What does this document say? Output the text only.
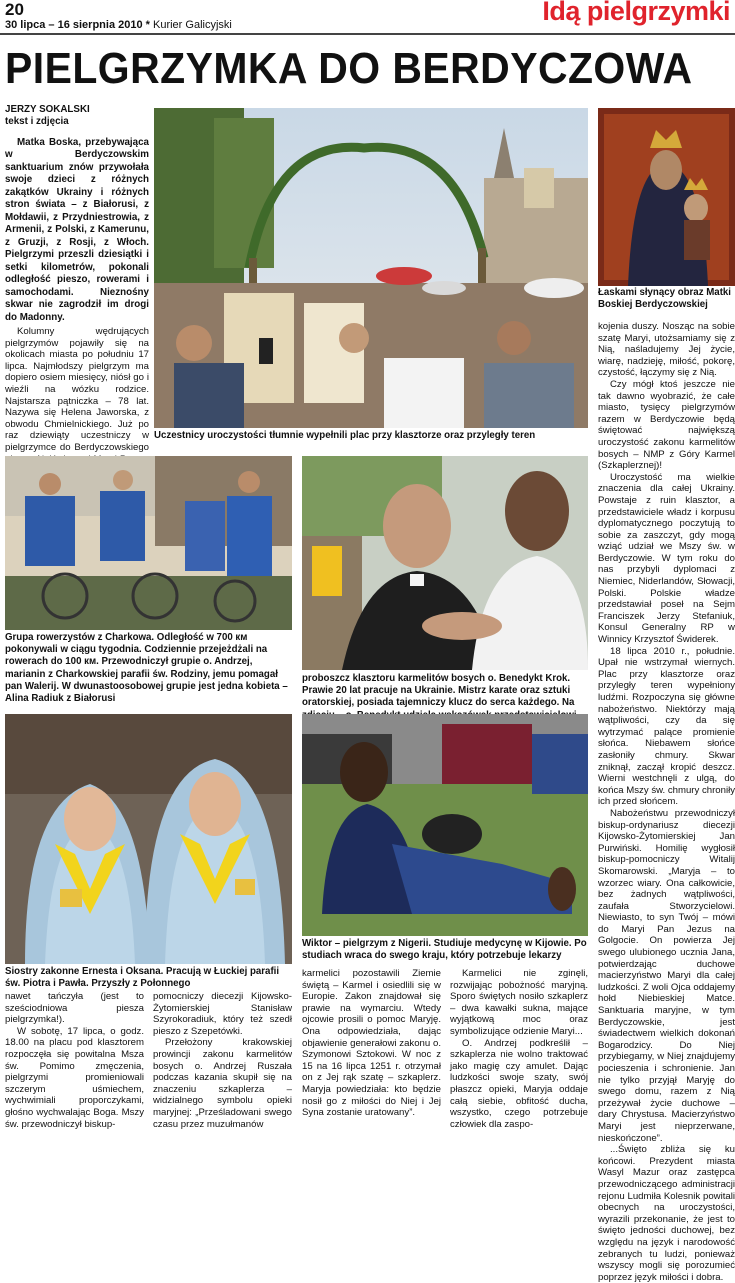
20
30 lipca – 16 sierpnia 2010 * Kurier Galicyjski	Idą pielgrzymki
PIELGRZYMKA DO BERDYCZOWA
JERZY SOKALSKI
tekst i zdjęcia

Matka Boska, przebywająca w Berdyczowskim sanktuarium znów przywołała swoje dzieci z różnych zakątków Ukrainy i różnych stron świata – z Białorusi, z Mołdawii, z Przydniestrowia, z Armenii, z Polski, z Kamerunu, z Gruzji, z Rosji, z Włoch. Pielgrzymi przeszli dziesiątki i setki kilometrów, pokonali odległość pieszo, rowerami i samochodami. Nieznośny skwar nie zagrodził im drogi do Madonny.

Kolumny wędrujących pielgrzymów pojawiły się na okolicach miasta po południu 17 lipca. Najmłodszy pielgrzym ma dopiero osiem miesięcy, niósł go i wieźli na wózku rodzice. Najstarsza pątniczka – 78 lat. Nazywa się Helena Jaworska, z obwodu Chmielnickiego. Już po raz dziewiąty uczestniczy w pielgrzymce do Berdyczowskiego

Uczestnicy uroczystości tłumnie wypełnili plac przy klasztorze oraz przyległy teren
Łaskami słynący obraz Matki Boskiej Berdyczowskiej

kojenia duszy. Nosząc na sobie szatę Maryi, utożsamiamy się z Nią, naśladujemy Jej życie, wiarę, nadzieję, miłość, pokorę, czystość, łączymy się z Nią.

Czy mógł ktoś jeszcze nie tak dawno wyobrazić, że całe miasto, tysięcy pielgrzymów razem w Berdyczowie będą świętować największą uroczystość zakonu karmelitów bosych – NMP z Góry Karmel (Szkaplerznej)!

Uroczystość ma wielkie znaczenia dla całej Ukrainy. Powstaje z ruin klasztor, a przedstawiciele władz i korpusu dyplomatycznego poczytują to sobie za zaszczyt, gdy mogą wziąć udział we Mszy św. w Berdyczowie. W tym roku do nas przybyli dyplomaci z Niemiec, Niderlandów, Słowacji, Polski. Polskie władze przedstawiał poseł na Sejm Franciszek Jerzy Stefaniuk, Konsul Generalny RP w Winnicy Krzysztof Świderek.

18 lipca 2010 r., południe. Upał nie wstrzymał wiernych. Plac przy klasztorze oraz przyległy teren wypełniony ludźmi. Rozpoczyna się główne nabożeństwo. Niektórzy mają wątpliwości, czy da się wytrzymać palące promienie słońca. Niebawem słońce zasłoniły chmury. Skwar zniknął, zaczął kropić deszcz. Wierni westchnęli z ulgą, do końca Mszy św. chmury chroniły ich przed słońcem.

Nabożeństwu przewodniczył biskup-ordynariusz diecezji Kijowsko-Żytomierskiej Jan Purwiński. Homilię wygłosił biskup-pomocniczy Witalij Skomarowski. „Maryja – to wzorzec wiary. Ona całkowicie, bez żadnych wątpliwości, zaufała Stworzycielowi. Niewiasto, to syn Twój – mówi do Maryi Pan Jezus na Golgocie. On powierza Jej swego ulubionego ucznia Jana, potwierdzając duchowe macierzyństwo Maryi dla całej ludzkości. Z woli Ojca oddajemy hołd Niebieskiej Matce. Sanktuaria maryjne, w tym Berdyczowskie, jest świadectwem wielkich dokonań Bogarodzicy. Do Niej przybiegamy, w Niej znajdujemy pocieszenia i schronienie. Jan nie tylko przyjął Maryję do swego domu, razem z Nią przeżywał życie duchowe – dary Chrystusa. Macierzyństwo Maryi jest nieprzerwane, nieskończone”.

...Święto zbliża się ku końcowi. Prezydent miasta Wasyl Mazur oraz zastępca przewodniczącego administracji rejonu Ludmiła Kolesnik powitali obecnych na uroczystości, wyrazili przekonanie, że jest to święto jedności duchowej, bez względu na język i narodowość zebranych tu ludzi, ponieważ wszyscy mogli się porozumieć poprzez język miłości i dobra.

Grupa rowerzystów z Charkowa. Odległość w 700 км pokonywali w ciągu tygodnia. Codziennie przejeżdżali na rowerach do 100 км. Przewodniczył grupie o. Andrzej, marianin z Charkowskiej parafii św. Rodziny, jemu pomagał pan Walerij. W dwunastoosobowej grupie jest jedna kobieta – Alina Radiuk z Białorusi
proboszcz klasztoru karmelitów bosych o. Benedykt Krok. Prawie 20 lat pracuje na Ukrainie. Mistrz karate oraz sztuki oratorskiej, posiada tajemniczy klucz do serca każdego. Na
Siostry zakonne Ernesta i Oksana. Pracują w Łuckiej parafii św. Piotra i Pawła. Przyszły z Połonnego
Wiktor – pielgrzym z Nigerii. Studiuje medycynę w Kijowie. Po studiach wraca do swego kraju, który potrzebuje lekarzy

nawet tańczyła (jest to sześciodniowa piesza pielgrzymka!).

W sobotę, 17 lipca, o godz. 18.00 na placu pod klasztorem rozpoczęła się powitalna Msza św. Pomimo zmęczenia, pielgrzymi promieniowali szczerym uśmiechem, wychwimiali proporczykami, głośno wychwalając Boga. Mszy św. przewodniczył biskup-

pomocniczy diecezji Kijowsko-Żytomierskiej Stanisław Szyrokoradiuk, który też szedł pieszo z Szepetówki.

Przełożony krakowskiej prowincji zakonu karmelitów bosych o. Andrzej Ruszała podczas kazania skupił się na znaczeniu szkaplerza – widzialnego symbolu opieki maryjnej: „Prześladowani swego czasu przez muzułmanów

karmelici pozostawili Ziemie świętą – Karmel i osiedlili się w Europie. Zakon znajdował się prawie na wymarciu. Wtedy ojcowie prosili o pomoc Maryję. Ona odpowiedziała, dając objawienie generałowi zakonu o. Szymonowi Sztokowi. W noc z 15 na 16 lipca 1251 r. otrzymał on z Jej rąk szatę – szkaplerz. Maryja powiedziała: kto będzie nosił go z miłości do Niej i Jej Syna zostanie uratowany”.

Karmelici nie zginęli, rozwijając pobożność maryjną. Sporo świętych nosiło szkaplerz – dwa kawałki sukna, mające wyjątkową moc oraz symbolizujące odzienie Maryi...

O. Andrzej podkreślił – szkaplerza nie wolno traktować jako magię czy amulet. Dając ludzkości swoje szaty, swój płaszcz opieki, Maryja oddaje całą siebie, obfitość ducha, wszystko, czego potrzebuje człowiek dla zaspo-
